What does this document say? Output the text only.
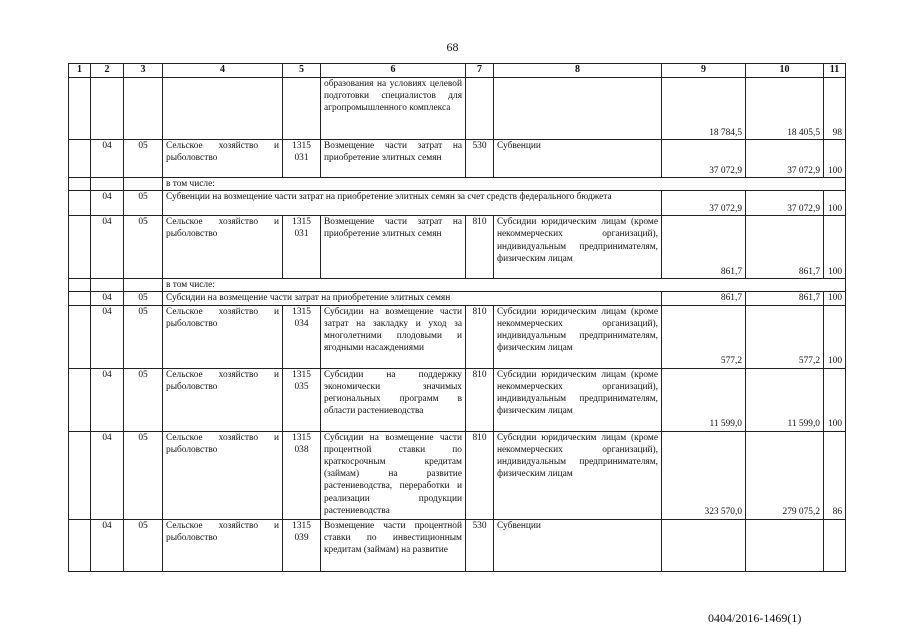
68
1	2	3	4	5	6	7	8	9	10	11
					образования на условиях целевой подготовки специалистов для агропромышленного комплекса			18 784,5	18 405,5	98
	04	05	Сельское хозяйство и рыболовство	1315 031	Возмещение части затрат на приобретение элитных семян	530	Субвенции	37 072,9	37 072,9	100
			в том числе:							
	04	05	Субвенции на возмещение части затрат на приобретение элитных семян за счет средств федерального бюджета					37 072,9	37 072,9	100
	04	05	Сельское хозяйство и рыболовство	1315 031	Возмещение части затрат на приобретение элитных семян	810	Субсидии юридическим лицам (кроме некоммерческих организаций), индивидуальным предпринимателям, физическим лицам	861,7	861,7	100
			в том числе:							
	04	05	Субсидии на возмещение части затрат на приобретение элитных семян					861,7	861,7	100
	04	05	Сельское хозяйство и рыболовство	1315 034	Субсидии на возмещение части затрат на закладку и уход за многолетними плодовыми и ягодными насаждениями	810	Субсидии юридическим лицам (кроме некоммерческих организаций), индивидуальным предпринимателям, физическим лицам	577,2	577,2	100
	04	05	Сельское хозяйство и рыболовство	1315 035	Субсидии на поддержку экономически значимых региональных программ в области растениеводства	810	Субсидии юридическим лицам (кроме некоммерческих организаций), индивидуальным предпринимателям, физическим лицам	11 599,0	11 599,0	100
	04	05	Сельское хозяйство и рыболовство	1315 038	Субсидии на возмещение части процентной ставки по краткосрочным кредитам (займам) на развитие растениеводства, переработки и реализации продукции растениеводства	810	Субсидии юридическим лицам (кроме некоммерческих организаций), индивидуальным предпринимателям, физическим лицам	323 570,0	279 075,2	86
	04	05	Сельское хозяйство и рыболовство	1315 039	Возмещение части процентной ставки по инвестиционным кредитам (займам) на развитие	530	Субвенции			
0404/2016-1469(1)
